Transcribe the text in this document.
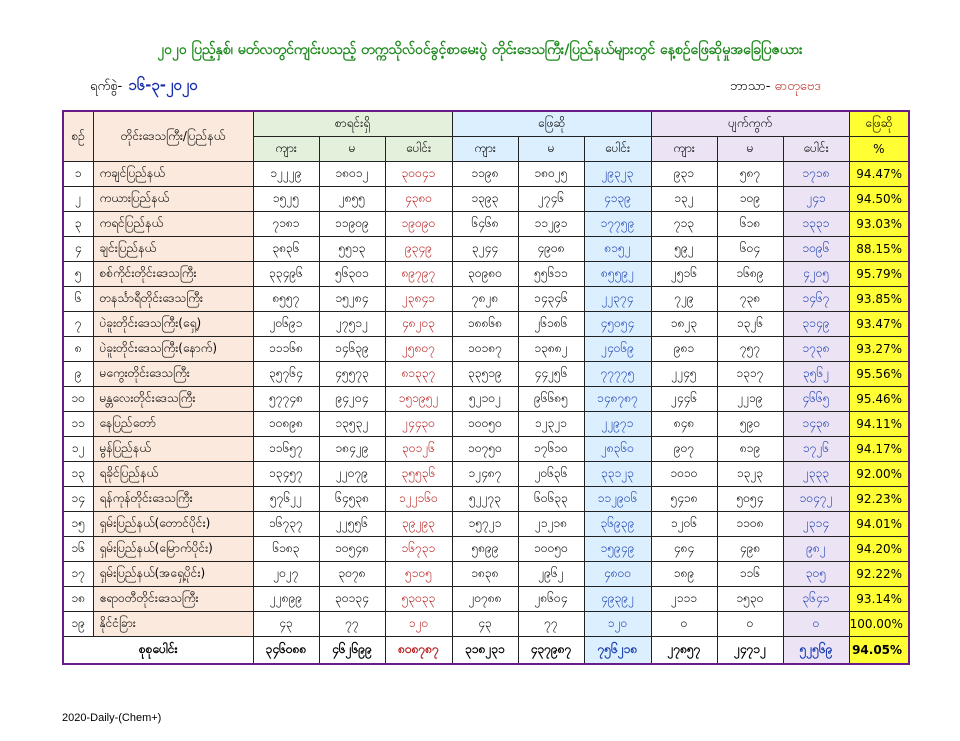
၂၀၂၀ ပြည့်နှစ်၊ မတ်လတွင်ကျင်းပသည့် တက္ကသိုလ်ဝင်ခွင့်စာမေးပွဲ တိုင်းဒေသကြီး/ပြည်နယ်များတွင် နေ့စဉ်ဖြေဆိုမှုအခြေပြဇယား
ရက်စွဲ- ၁၆-၃-၂၀၂၀	ဘာသာ- ဓာတုဗေဒ
စဉ်	တိုင်းဒေသကြီး/ပြည်နယ်	စာရင်းရှိ			ဖြေဆို			ပျက်ကွက်			ဖြေဆို
		ကျား	မ	ပေါင်း	ကျား	မ	ပေါင်း	ကျား	မ	ပေါင်း	%
၁	ကချင်ပြည်နယ်	၁၂၂၂၉	၁၈၀၁၂	၃၀၀၄၁	၁၁၉၈	၁၈၀၂၅	၂၉၃၂၃	၉၃၁	၅၈၇	၁၇၁၈	94.47%
၂	ကယားပြည်နယ်	၁၅၂၅	၂၈၅၅	၄၃၈၀	၁၃၉၃	၂၇၄၆	၄၁၃၉	၁၃၂	၁၀၉	၂၄၁	94.50%
၃	ကရင်ပြည်နယ်	၇၁၈၁	၁၁၉၀၉	၁၉၀၉၀	၆၄၆၈	၁၁၂၉၁	၁၇၇၅၉	၇၁၃	၆၁၈	၁၃၃၁	93.03%
၄	ချင်းပြည်နယ်	၃၈၃၆	၅၅၁၃	၉၃၄၉	၃၂၄၄	၄၉၀၈	၈၁၅၂	၅၉၂	၆၀၄	၁၀၉၆	88.15%
၅	စစ်ကိုင်းတိုင်းဒေသကြီး	၃၃၄၉၆	၅၆၃၀၁	၈၉၇၉၇	၃၀၉၈၀	၅၅၆၁၁	၈၅၅၉၂	၂၅၁၆	၁၆၈၉	၄၂၀၅	95.79%
၆	တနင်္သာရီတိုင်းဒေသကြီး	၈၅၅၇	၁၅၂၈၄	၂၃၈၄၁	၇၈၂၈	၁၄၃၄၆	၂၂၃၇၄	၇၂၉	၇၃၈	၁၄၆၇	93.85%
၇	ပဲခူးတိုင်းဒေသကြီး(ရှေ့)	၂၀၆၉၁	၂၇၅၁၂	၄၈၂၀၃	၁၈၈၆၈	၂၆၁၈၆	၄၅၀၅၄	၁၈၂၃	၁၃၂၆	၃၁၄၉	93.47%
၈	ပဲခူးတိုင်းဒေသကြီး(နောက်)	၁၁၁၆၈	၁၄၆၃၉	၂၅၈၀၇	၁၀၁၈၇	၁၃၈၈၂	၂၄၀၆၉	၉၈၁	၇၅၇	၁၇၃၈	93.27%
၉	မကွေးတိုင်းဒေသကြီး	၃၅၇၆၄	၄၅၅၇၃	၈၁၃၃၇	၃၃၅၁၉	၄၄၂၅၆	၇၇၇၇၅	၂၂၄၅	၁၃၁၇	၃၅၆၂	95.56%
၁၀	မန္တလေးတိုင်းဒေသကြီး	၅၇၇၄၈	၉၄၂၀၄	၁၅၁၉၅၂	၅၂၁၀၂	၉၆၆၈၅	၁၄၈၇၈၇	၂၄၄၆	၂၂၁၉	၄၆၆၅	95.46%
၁၁	နေပြည်တော်	၁၀၈၉၈	၁၃၅၃၂	၂၄၄၃၀	၁၀၀၅၀	၁၂၃၂၁	၂၂၉၇၁	၈၄၈	၅၉၀	၁၄၃၈	94.11%
၁၂	မွန်ပြည်နယ်	၁၁၆၅၇	၁၈၄၂၉	၃၀၁၂၆	၁၀၇၅၀	၁၇၆၁၀	၂၈၃၆၀	၉၀၇	၈၁၉	၁၇၂၆	94.17%
၁၃	ရခိုင်ပြည်နယ်	၁၃၄၅၇	၂၂၀၇၉	၃၅၅၃၆	၁၂၄၈၇	၂၀၆၃၆	၃၃၁၂၃	၁၀၁၀	၁၃၂၃	၂၃၃၃	92.00%
၁၄	ရန်ကုန်တိုင်းဒေသကြီး	၅၇၆၂၂	၆၄၅၃၈	၁၂၂၁၆၀	၅၂၂၇၃	၆၀၆၃၃	၁၁၂၉၀၆	၅၄၁၈	၅၀၅၄	၁၀၄၇၂	92.23%
၁၅	ရှမ်းပြည်နယ်(တောင်ပိုင်း)	၁၆၇၃၇	၂၂၅၅၆	၃၉၂၉၃	၁၅၇၂၁	၂၁၂၁၈	၃၆၉၃၉	၁၂၀၆	၁၁၀၈	၂၃၁၄	94.01%
၁၆	ရှမ်းပြည်နယ်(မြောက်ပိုင်း)	၆၁၈၃	၁၀၅၄၈	၁၆၇၃၁	၅၈၉၉	၁၀၀၅၀	၁၅၉၄၉	၄၈၄	၄၉၈	၉၈၂	94.20%
၁၇	ရှမ်းပြည်နယ်(အရှေ့ပိုင်း)	၂၀၂၇	၃၀၇၈	၅၁၀၅	၁၈၃၈	၂၉၆၂	၄၈၀၀	၁၈၉	၁၁၆	၃၀၅	92.22%
၁၈	ဧရာဝတီတိုင်းဒေသကြီး	၂၂၈၉၉	၃၀၁၃၄	၅၃၀၃၃	၂၀၇၈၈	၂၈၆၀၄	၄၉၃၉၂	၂၁၁၁	၁၅၃၀	၃၆၄၁	93.14%
၁၉	နိုင်ငံခြား	၄၃	၇၇	၁၂၀	၄၃	၇၇	၁၂၀	၀	၀	၀	100.00%
စုစုပေါင်း		၃၄၆၀၈၈	၄၆၂၆၉၉	၈၀၈၇၈၇	၃၁၈၂၃၁	၄၃၇၉၈၇	၇၅၆၂၁၈	၂၇၈၅၇	၂၄၇၁၂	၅၂၅၆၉	94.05%
2020-Daily-(Chem+)
